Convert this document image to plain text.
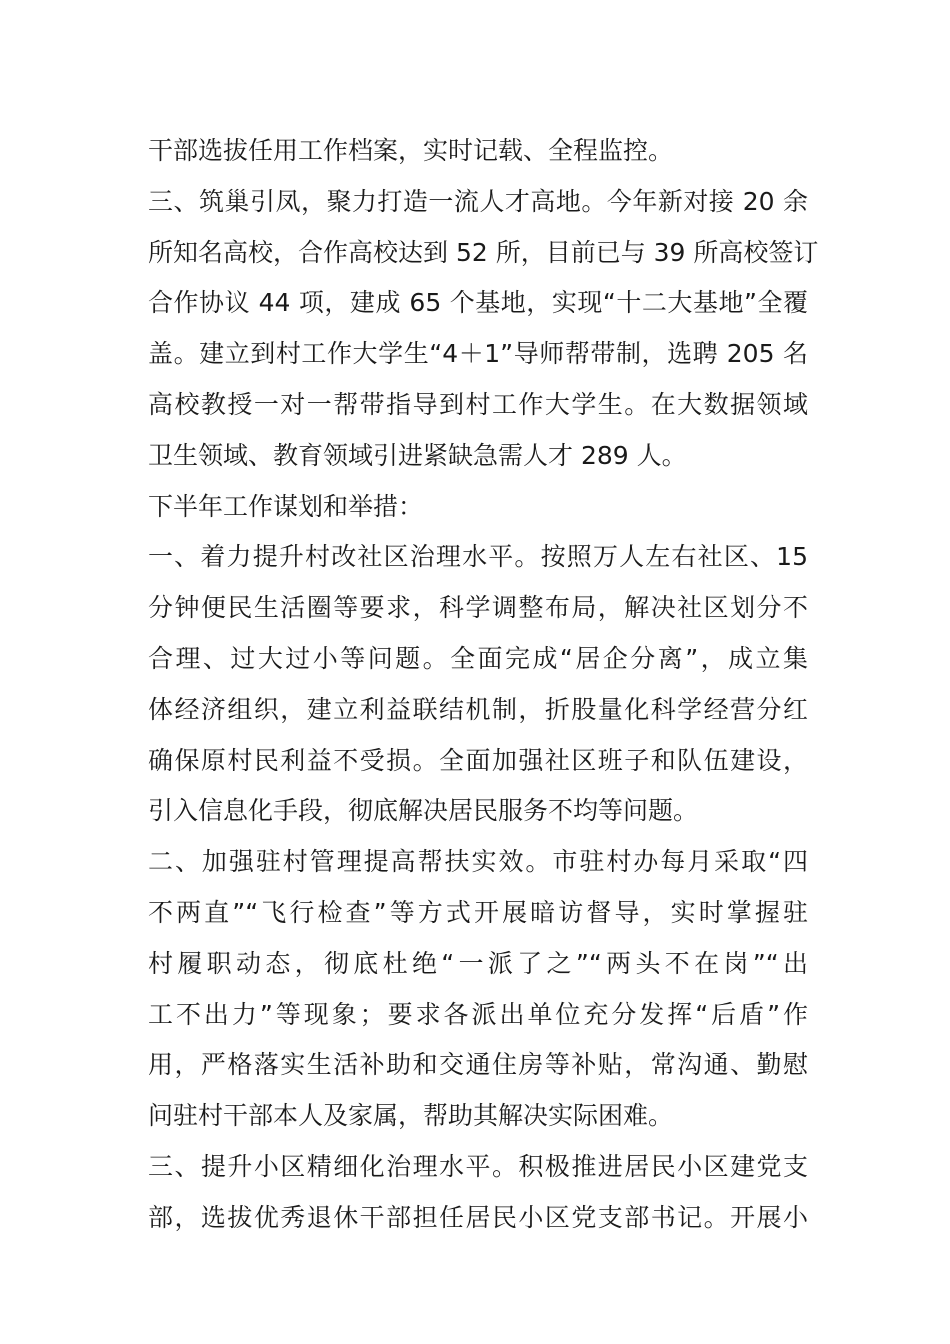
干部选拔任用工作档案，实时记载、全程监控。
三、筑巢引凤，聚力打造一流人才高地。今年新对接 20 余
所知名高校，合作高校达到 52 所，目前已与 39 所高校签订
合作协议 44 项，建成 65 个基地，实现“十二大基地”全覆
盖。建立到村工作大学生“4＋1”导师帮带制，选聘 205 名
高校教授一对一帮带指导到村工作大学生。在大数据领域
卫生领域、教育领域引进紧缺急需人才 289 人。
下半年工作谋划和举措：
一、着力提升村改社区治理水平。按照万人左右社区、15
分钟便民生活圈等要求，科学调整布局，解决社区划分不
合理、过大过小等问题。全面完成“居企分离”，成立集
体经济组织，建立利益联结机制，折股量化科学经营分红
确保原村民利益不受损。全面加强社区班子和队伍建设，
引入信息化手段，彻底解决居民服务不均等问题。
二、加强驻村管理提高帮扶实效。市驻村办每月采取“四
不两直”“飞行检查”等方式开展暗访督导，实时掌握驻
村履职动态，彻底杜绝“一派了之”“两头不在岗”“出
工不出力”等现象；要求各派出单位充分发挥“后盾”作
用，严格落实生活补助和交通住房等补贴，常沟通、勤慰
问驻村干部本人及家属，帮助其解决实际困难。
三、提升小区精细化治理水平。积极推进居民小区建党支
部，选拔优秀退休干部担任居民小区党支部书记。开展小
